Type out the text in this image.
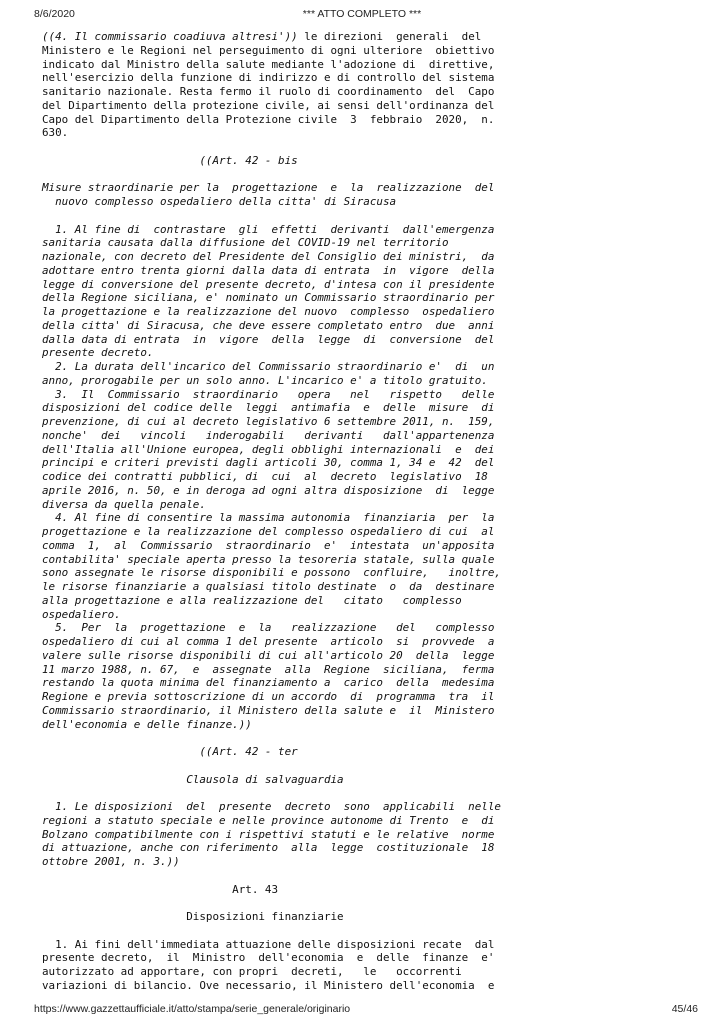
8/6/2020	*** ATTO COMPLETO ***
((4. Il commissario coadiuva altresi')) le direzioni  generali  del
Ministero e le Regioni nel perseguimento di ogni ulteriore  obiettivo
indicato dal Ministro della salute mediante l'adozione di  direttive,
nell'esercizio della funzione di indirizzo e di controllo del sistema
sanitario nazionale. Resta fermo il ruolo di coordinamento  del  Capo
del Dipartimento della protezione civile, ai sensi dell'ordinanza del
Capo del Dipartimento della Protezione civile  3  febbraio  2020,  n.
630.
((Art. 42 - bis
Misure straordinarie per la  progettazione  e  la  realizzazione  del
nuovo complesso ospedaliero della citta' di Siracusa
1. Al fine di  contrastare  gli  effetti  derivanti  dall'emergenza
sanitaria causata dalla diffusione del COVID-19 nel territorio
nazionale, con decreto del Presidente del Consiglio dei ministri,  da
adottare entro trenta giorni dalla data di entrata  in  vigore  della
legge di conversione del presente decreto, d'intesa con il presidente
della Regione siciliana, e' nominato un Commissario straordinario per
la progettazione e la realizzazione del nuovo  complesso  ospedaliero
della citta' di Siracusa, che deve essere completato entro  due  anni
dalla data di entrata  in  vigore  della  legge  di  conversione  del
presente decreto.
2. La durata dell'incarico del Commissario straordinario e'  di  un
anno, prorogabile per un solo anno. L'incarico e' a titolo gratuito.
3.  Il  Commissario  straordinario   opera   nel   rispetto   delle
disposizioni del codice delle  leggi  antimafia  e  delle  misure  di
prevenzione, di cui al decreto legislativo 6 settembre 2011, n.  159,
nonche'  dei   vincoli   inderogabili   derivanti   dall'appartenenza
dell'Italia all'Unione europea, degli obblighi internazionali  e  dei
principi e criteri previsti dagli articoli 30, comma 1, 34 e  42  del
codice dei contratti pubblici, di  cui  al  decreto  legislativo  18
aprile 2016, n. 50, e in deroga ad ogni altra disposizione  di  legge
diversa da quella penale.
4. Al fine di consentire la massima autonomia  finanziaria  per  la
progettazione e la realizzazione del complesso ospedaliero di cui  al
comma  1,  al  Commissario  straordinario  e'  intestata  un'apposita
contabilita' speciale aperta presso la tesoreria statale, sulla quale
sono assegnate le risorse disponibili e possono  confluire,   inoltre,
le risorse finanziarie a qualsiasi titolo destinate  o  da  destinare
alla progettazione e alla realizzazione del   citato   complesso
ospedaliero.
5.  Per  la  progettazione  e  la   realizzazione   del   complesso
ospedaliero di cui al comma 1 del presente  articolo  si  provvede  a
valere sulle risorse disponibili di cui all'articolo 20  della  legge
11 marzo 1988, n. 67,  e  assegnate  alla  Regione  siciliana,  ferma
restando la quota minima del finanziamento a  carico  della  medesima
Regione e previa sottoscrizione di un accordo  di  programma  tra  il
Commissario straordinario, il Ministero della salute e  il  Ministero
dell'economia e delle finanze.))
((Art. 42 - ter
Clausola di salvaguardia
1. Le disposizioni  del  presente  decreto  sono  applicabili  nelle
regioni a statuto speciale e nelle province autonome di Trento  e  di
Bolzano compatibilmente con i rispettivi statuti e le relative  norme
di attuazione, anche con riferimento  alla  legge  costituzionale  18
ottobre 2001, n. 3.))
Art. 43
Disposizioni finanziarie
1. Ai fini dell'immediata attuazione delle disposizioni recate  dal
presente decreto,  il  Ministro  dell'economia  e  delle  finanze  e'
autorizzato ad apportare, con propri  decreti,   le   occorrenti
variazioni di bilancio. Ove necessario, il Ministero dell'economia  e
https://www.gazzettaufficiale.it/atto/stampa/serie_generale/originario	45/46
